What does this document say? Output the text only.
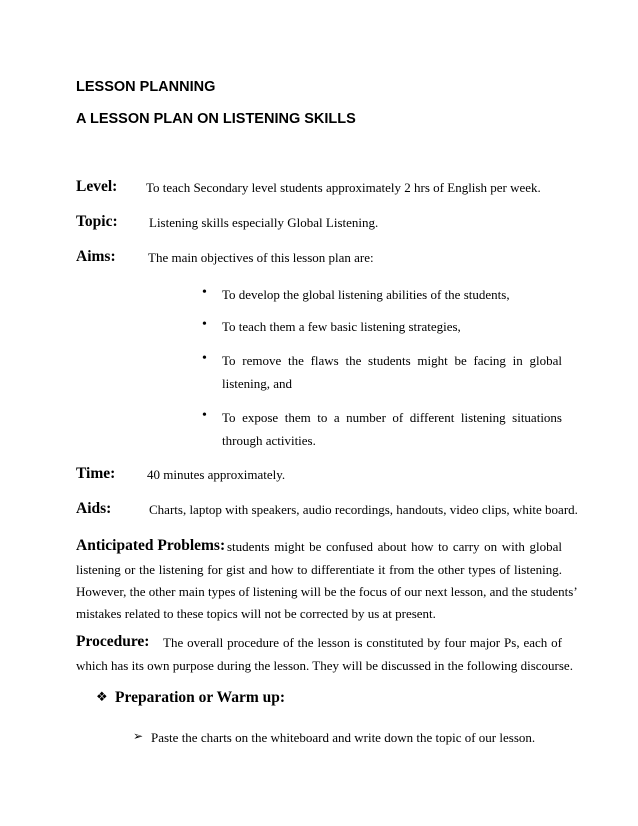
LESSON PLANNING
A LESSON PLAN ON LISTENING SKILLS
Level: To teach Secondary level students approximately 2 hrs of English per week.
Topic: Listening skills especially Global Listening.
Aims: The main objectives of this lesson plan are:
• To develop the global listening abilities of the students,
• To teach them a few basic listening strategies,
• To remove the flaws the students might be facing in global
listening, and
• To expose them to a number of different listening situations
through activities.
Time: 40 minutes approximately.
Aids:	Charts, laptop with speakers, audio recordings, handouts, video clips, white board.
Anticipated Problems: students might be confused about how to carry on with global
listening or the listening for gist and how to differentiate it from the other types of listening.
However, the other main types of listening will be the focus of our next lesson, and the students’
mistakes related to these topics will not be corrected by us at present.
Procedure: The overall procedure of the lesson is constituted by four major Ps, each of
which has its own purpose during the lesson. They will be discussed in the following discourse.
❖ Preparation or Warm up:
➢ Paste the charts on the whiteboard and write down the topic of our lesson.
